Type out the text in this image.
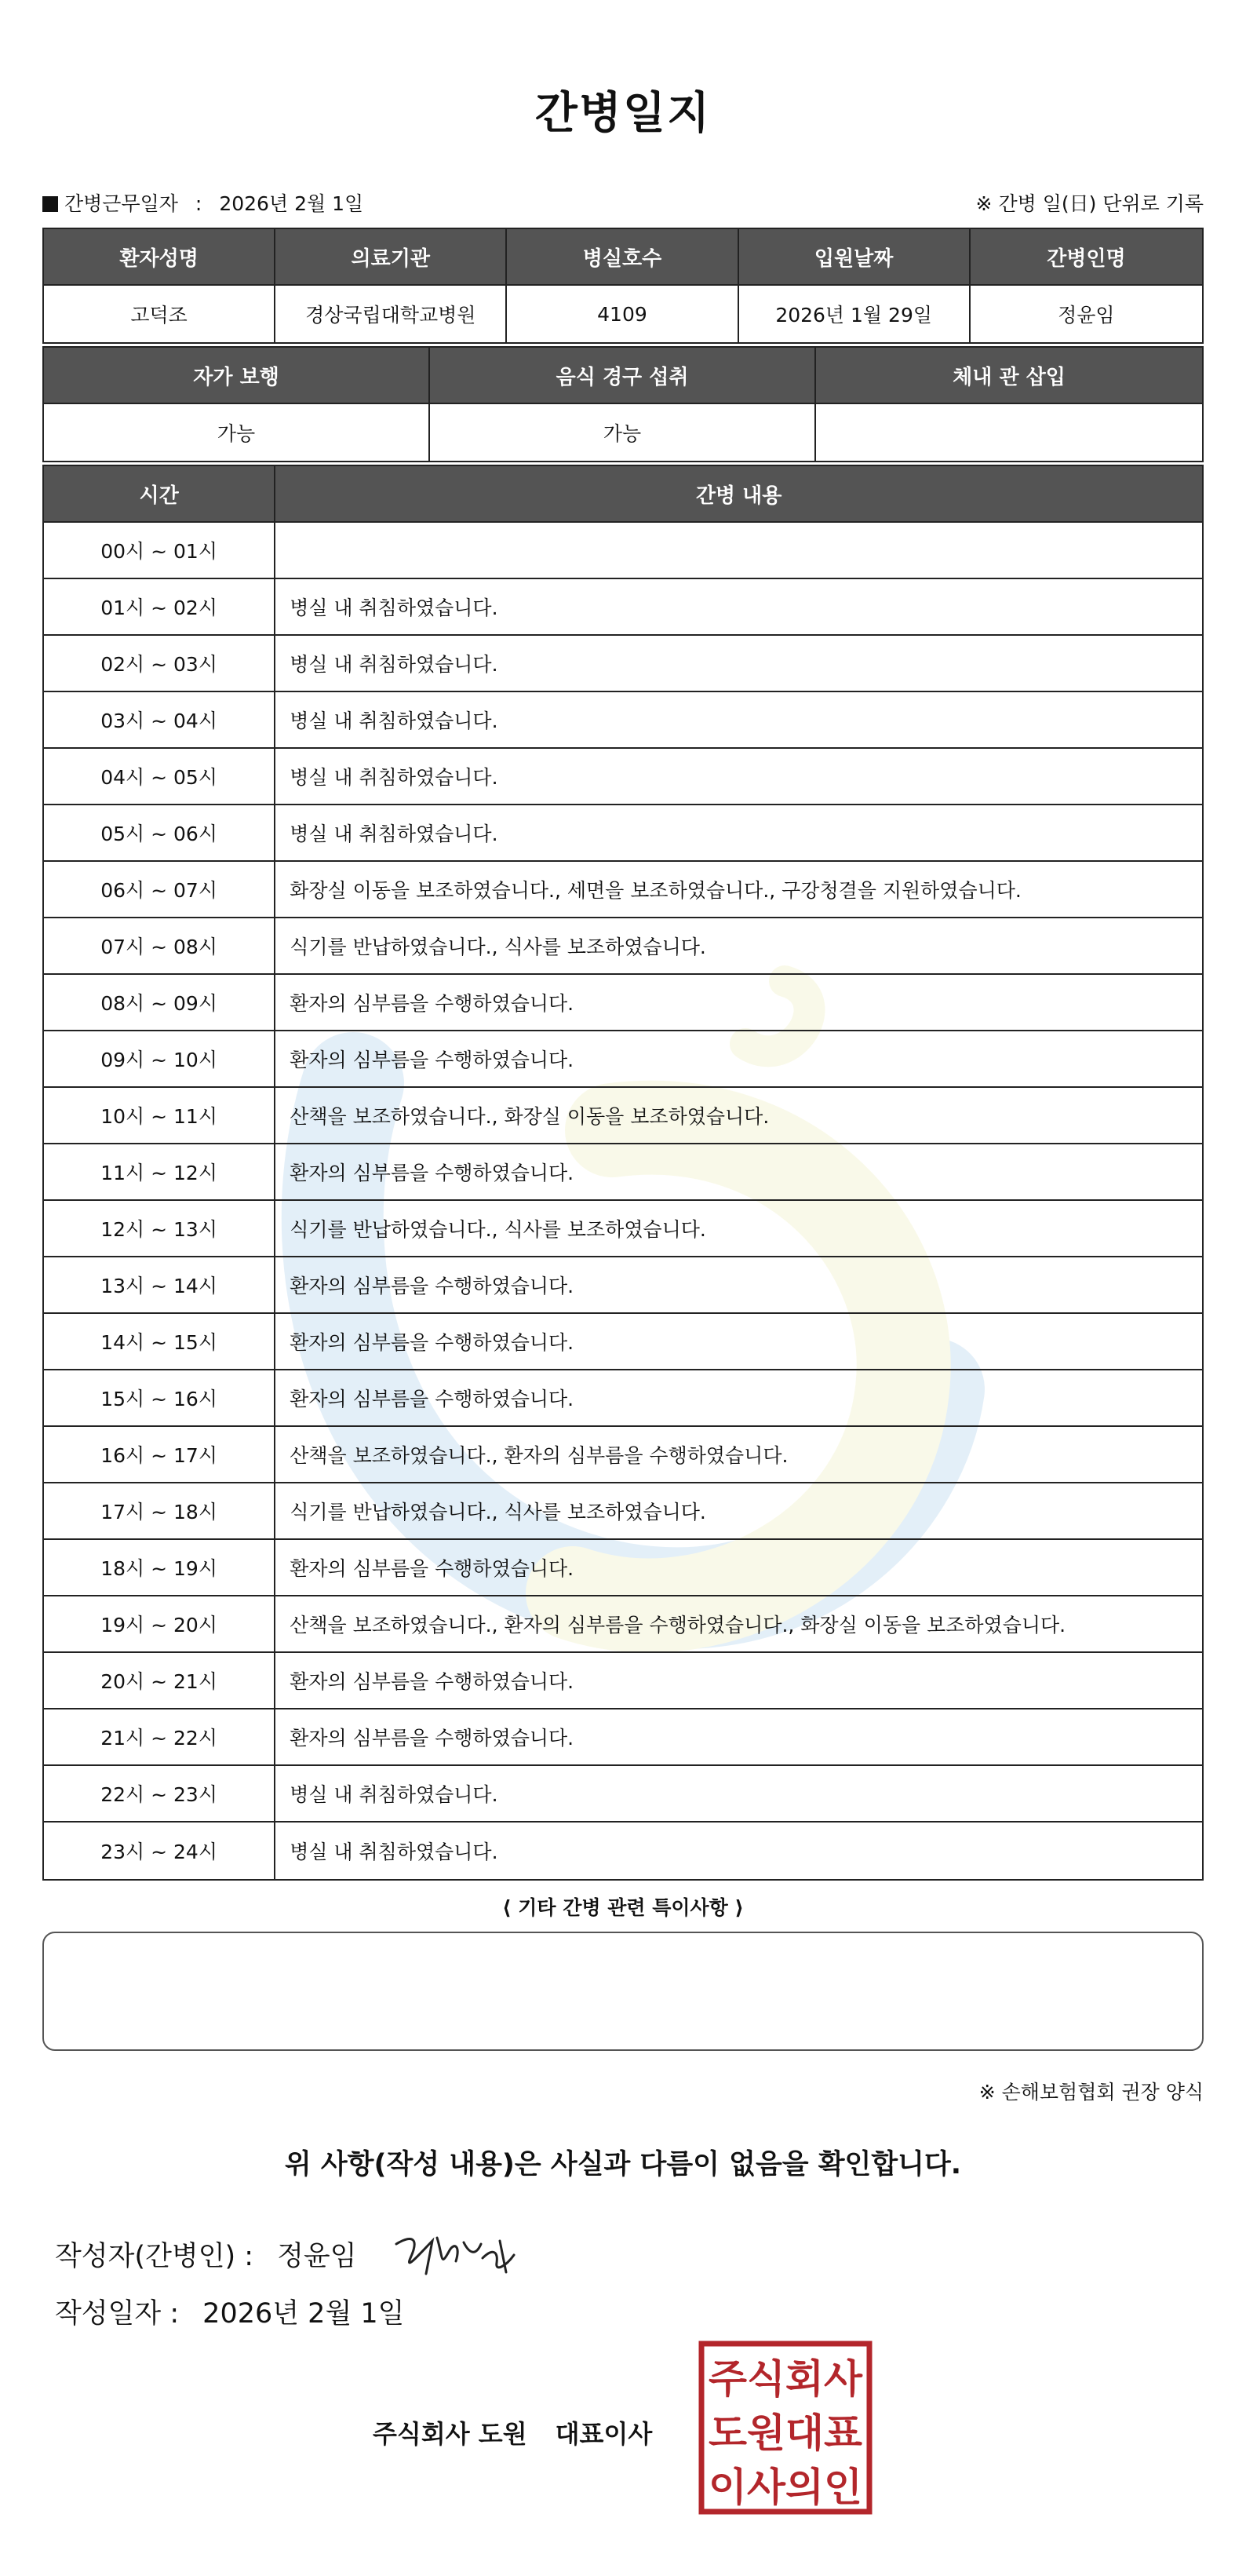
간병일지
간병근무일자 : 2026년 2월 1일	※ 간병 일(日) 단위로 기록
환자성명	의료기관	병실호수	입원날짜	간병인명
고덕조	경상국립대학교병원	4109	2026년 1월 29일	정윤임
자가 보행	음식 경구 섭취	체내 관 삽입
가능	가능
시간	간병 내용
00시 ~ 01시
01시 ~ 02시	병실 내 취침하였습니다.
02시 ~ 03시	병실 내 취침하였습니다.
03시 ~ 04시	병실 내 취침하였습니다.
04시 ~ 05시	병실 내 취침하였습니다.
05시 ~ 06시	병실 내 취침하였습니다.
06시 ~ 07시	화장실 이동을 보조하였습니다., 세면을 보조하였습니다., 구강청결을 지원하였습니다.
07시 ~ 08시	식기를 반납하였습니다., 식사를 보조하였습니다.
08시 ~ 09시	환자의 심부름을 수행하였습니다.
09시 ~ 10시	환자의 심부름을 수행하였습니다.
10시 ~ 11시	산책을 보조하였습니다., 화장실 이동을 보조하였습니다.
11시 ~ 12시	환자의 심부름을 수행하였습니다.
12시 ~ 13시	식기를 반납하였습니다., 식사를 보조하였습니다.
13시 ~ 14시	환자의 심부름을 수행하였습니다.
14시 ~ 15시	환자의 심부름을 수행하였습니다.
15시 ~ 16시	환자의 심부름을 수행하였습니다.
16시 ~ 17시	산책을 보조하였습니다., 환자의 심부름을 수행하였습니다.
17시 ~ 18시	식기를 반납하였습니다., 식사를 보조하였습니다.
18시 ~ 19시	환자의 심부름을 수행하였습니다.
19시 ~ 20시	산책을 보조하였습니다., 환자의 심부름을 수행하였습니다., 화장실 이동을 보조하였습니다.
20시 ~ 21시	환자의 심부름을 수행하였습니다.
21시 ~ 22시	환자의 심부름을 수행하였습니다.
22시 ~ 23시	병실 내 취침하였습니다.
23시 ~ 24시	병실 내 취침하였습니다.
⟨ 기타 간병 관련 특이사항 ⟩
※ 손해보험협회 권장 양식
위 사항(작성 내용)은 사실과 다름이 없음을 확인합니다.
작성자(간병인) : 정윤임
작성일자 : 2026년 2월 1일
주식회사 도원 대표이사
주식회사
도원대표
이사의인
